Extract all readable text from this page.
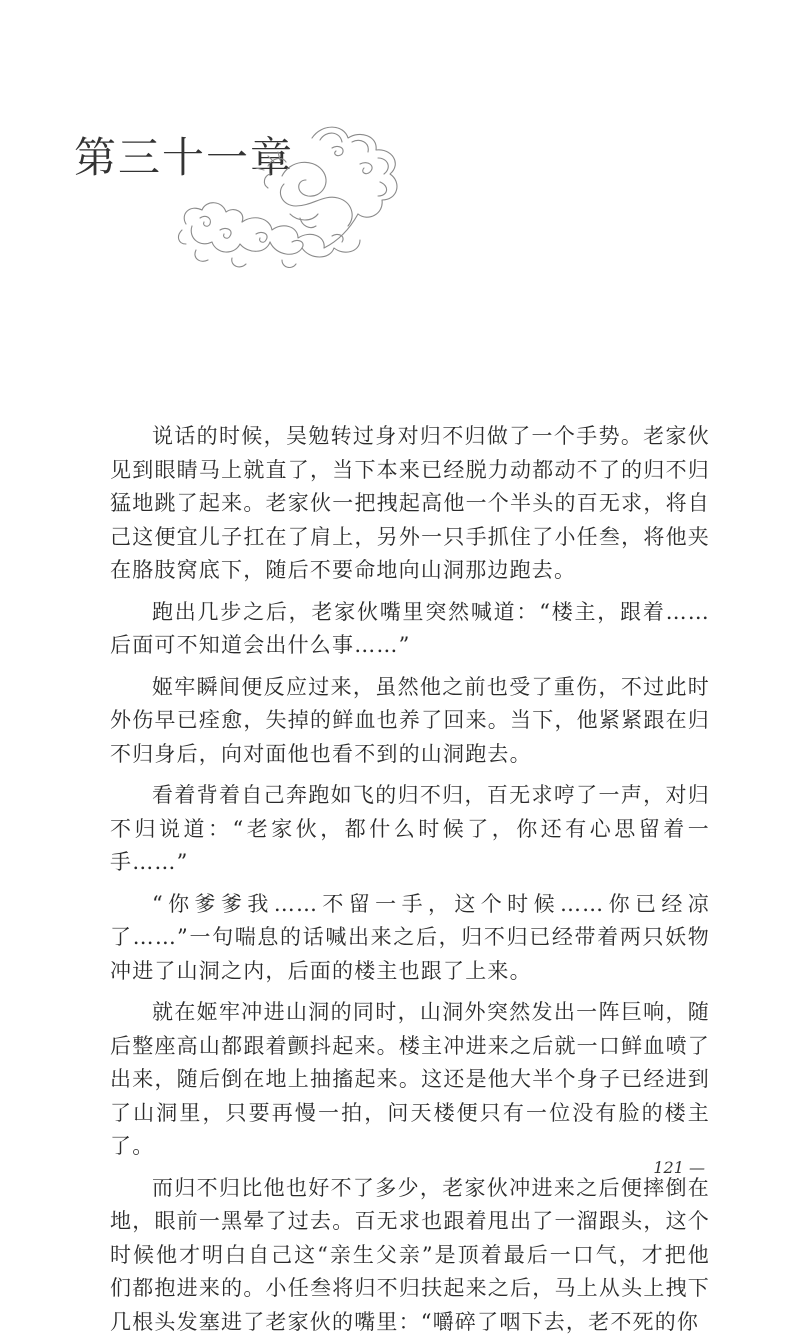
第三十一章

说话的时候，吴勉转过身对归不归做了一个手势。老家伙见到眼睛马上就直了，当下本来已经脱力动都动不了的归不归猛地跳了起来。老家伙一把拽起高他一个半头的百无求，将自己这便宜儿子扛在了肩上，另外一只手抓住了小任叁，将他夹在胳肢窝底下，随后不要命地向山洞那边跑去。

跑出几步之后，老家伙嘴里突然喊道：“楼主，跟着……后面可不知道会出什么事……”

姬牢瞬间便反应过来，虽然他之前也受了重伤，不过此时外伤早已痊愈，失掉的鲜血也养了回来。当下，他紧紧跟在归不归身后，向对面他也看不到的山洞跑去。

看着背着自己奔跑如飞的归不归，百无求哼了一声，对归不归说道：“老家伙，都什么时候了，你还有心思留着一手……”

“你爹爹我……不留一手，这个时候……你已经凉了……”一句喘息的话喊出来之后，归不归已经带着两只妖物冲进了山洞之内，后面的楼主也跟了上来。

就在姬牢冲进山洞的同时，山洞外突然发出一阵巨响，随后整座高山都跟着颤抖起来。楼主冲进来之后就一口鲜血喷了出来，随后倒在地上抽搐起来。这还是他大半个身子已经进到了山洞里，只要再慢一拍，问天楼便只有一位没有脸的楼主了。

而归不归比他也好不了多少，老家伙冲进来之后便摔倒在地，眼前一黑晕了过去。百无求也跟着甩出了一溜跟头，这个时候他才明白自己这“亲生父亲”是顶着最后一口气，才把他们都抱进来的。小任叁将归不归扶起来之后，马上从头上拽下几根头发塞进了老家伙的嘴里：“嚼碎了咽下去，老不死的你

121 —
